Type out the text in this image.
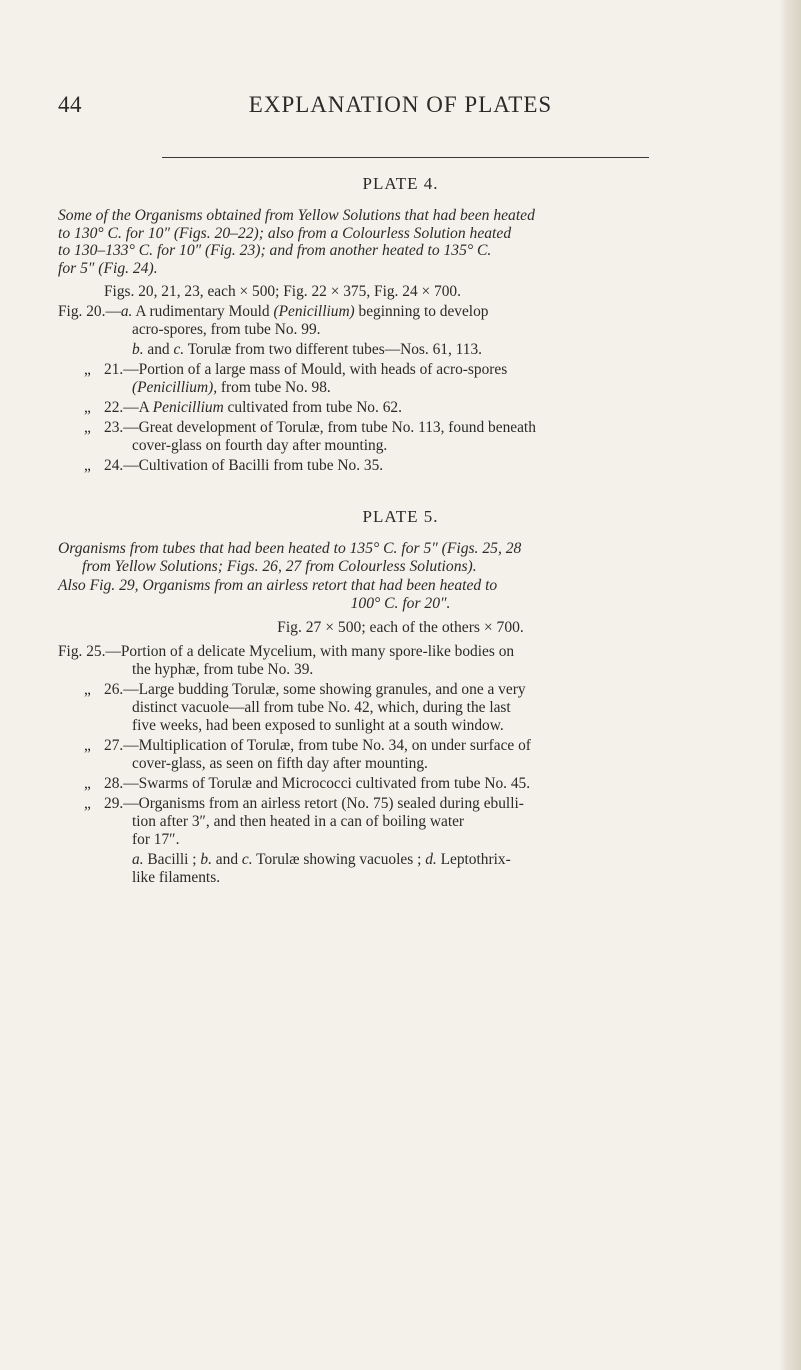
44	EXPLANATION OF PLATES
PLATE 4.
Some of the Organisms obtained from Yellow Solutions that had been heated
to 130° C. for 10″ (Figs. 20–22); also from a Colourless Solution heated
to 130–133° C. for 10″ (Fig. 23); and from another heated to 135° C.
for 5″ (Fig. 24).
Figs. 20, 21, 23, each × 500; Fig. 22 × 375, Fig. 24 × 700.
Fig. 20.—a. A rudimentary Mould (Penicillium) beginning to develop
acro-spores, from tube No. 99.
b. and c. Torulæ from two different tubes—Nos. 61, 113.
„ 21.—Portion of a large mass of Mould, with heads of acro-spores
(Penicillium), from tube No. 98.
„ 22.—A Penicillium cultivated from tube No. 62.
„ 23.—Great development of Torulæ, from tube No. 113, found beneath
cover-glass on fourth day after mounting.
„ 24.—Cultivation of Bacilli from tube No. 35.
PLATE 5.
Organisms from tubes that had been heated to 135° C. for 5″ (Figs. 25, 28
from Yellow Solutions; Figs. 26, 27 from Colourless Solutions).
Also Fig. 29, Organisms from an airless retort that had been heated to
100° C. for 20″.
Fig. 27 × 500; each of the others × 700.
Fig. 25.—Portion of a delicate Mycelium, with many spore-like bodies on
the hyphæ, from tube No. 39.
„ 26.—Large budding Torulæ, some showing granules, and one a very
distinct vacuole—all from tube No. 42, which, during the last
five weeks, had been exposed to sunlight at a south window.
„ 27.—Multiplication of Torulæ, from tube No. 34, on under surface of
cover-glass, as seen on fifth day after mounting.
„ 28.—Swarms of Torulæ and Micrococci cultivated from tube No. 45.
„ 29.—Organisms from an airless retort (No. 75) sealed during ebulli-
tion after 3″, and then heated in a can of boiling water
for 17″.
a. Bacilli ; b. and c. Torulæ showing vacuoles ; d. Leptothrix-
like filaments.
